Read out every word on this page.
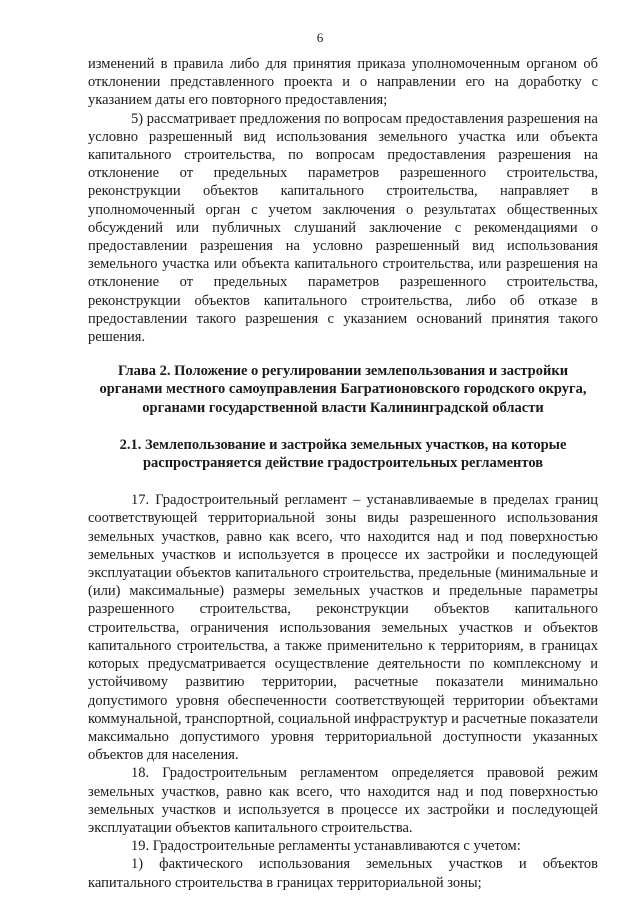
6

изменений в правила либо для принятия приказа уполномоченным органом об отклонении представленного проекта и о направлении его на доработку с указанием даты его повторного предоставления;

5) рассматривает предложения по вопросам предоставления разрешения на условно разрешенный вид использования земельного участка или объекта капитального строительства, по вопросам предоставления разрешения на отклонение от предельных параметров разрешенного строительства, реконструкции объектов капитального строительства, направляет в уполномоченный орган с учетом заключения о результатах общественных обсуждений или публичных слушаний заключение с рекомендациями о предоставлении разрешения на условно разрешенный вид использования земельного участка или объекта капитального строительства, или разрешения на отклонение от предельных параметров разрешенного строительства, реконструкции объектов капитального строительства, либо об отказе в предоставлении такого разрешения с указанием оснований принятия такого решения.

Глава 2. Положение о регулировании землепользования и застройки органами местного самоуправления Багратионовского городского округа, органами государственной власти Калининградской области

2.1. Землепользование и застройка земельных участков, на которые распространяется действие градостроительных регламентов

17. Градостроительный регламент – устанавливаемые в пределах границ соответствующей территориальной зоны виды разрешенного использования земельных участков, равно как всего, что находится над и под поверхностью земельных участков и используется в процессе их застройки и последующей эксплуатации объектов капитального строительства, предельные (минимальные и (или) максимальные) размеры земельных участков и предельные параметры разрешенного строительства, реконструкции объектов капитального строительства, ограничения использования земельных участков и объектов капитального строительства, а также применительно к территориям, в границах которых предусматривается осуществление деятельности по комплексному и устойчивому развитию территории, расчетные показатели минимально допустимого уровня обеспеченности соответствующей территории объектами коммунальной, транспортной, социальной инфраструктур и расчетные показатели максимально допустимого уровня территориальной доступности указанных объектов для населения.

18. Градостроительным регламентом определяется правовой режим земельных участков, равно как всего, что находится над и под поверхностью земельных участков и используется в процессе их застройки и последующей эксплуатации объектов капитального строительства.

19. Градостроительные регламенты устанавливаются с учетом:

1) фактического использования земельных участков и объектов капитального строительства в границах территориальной зоны;
